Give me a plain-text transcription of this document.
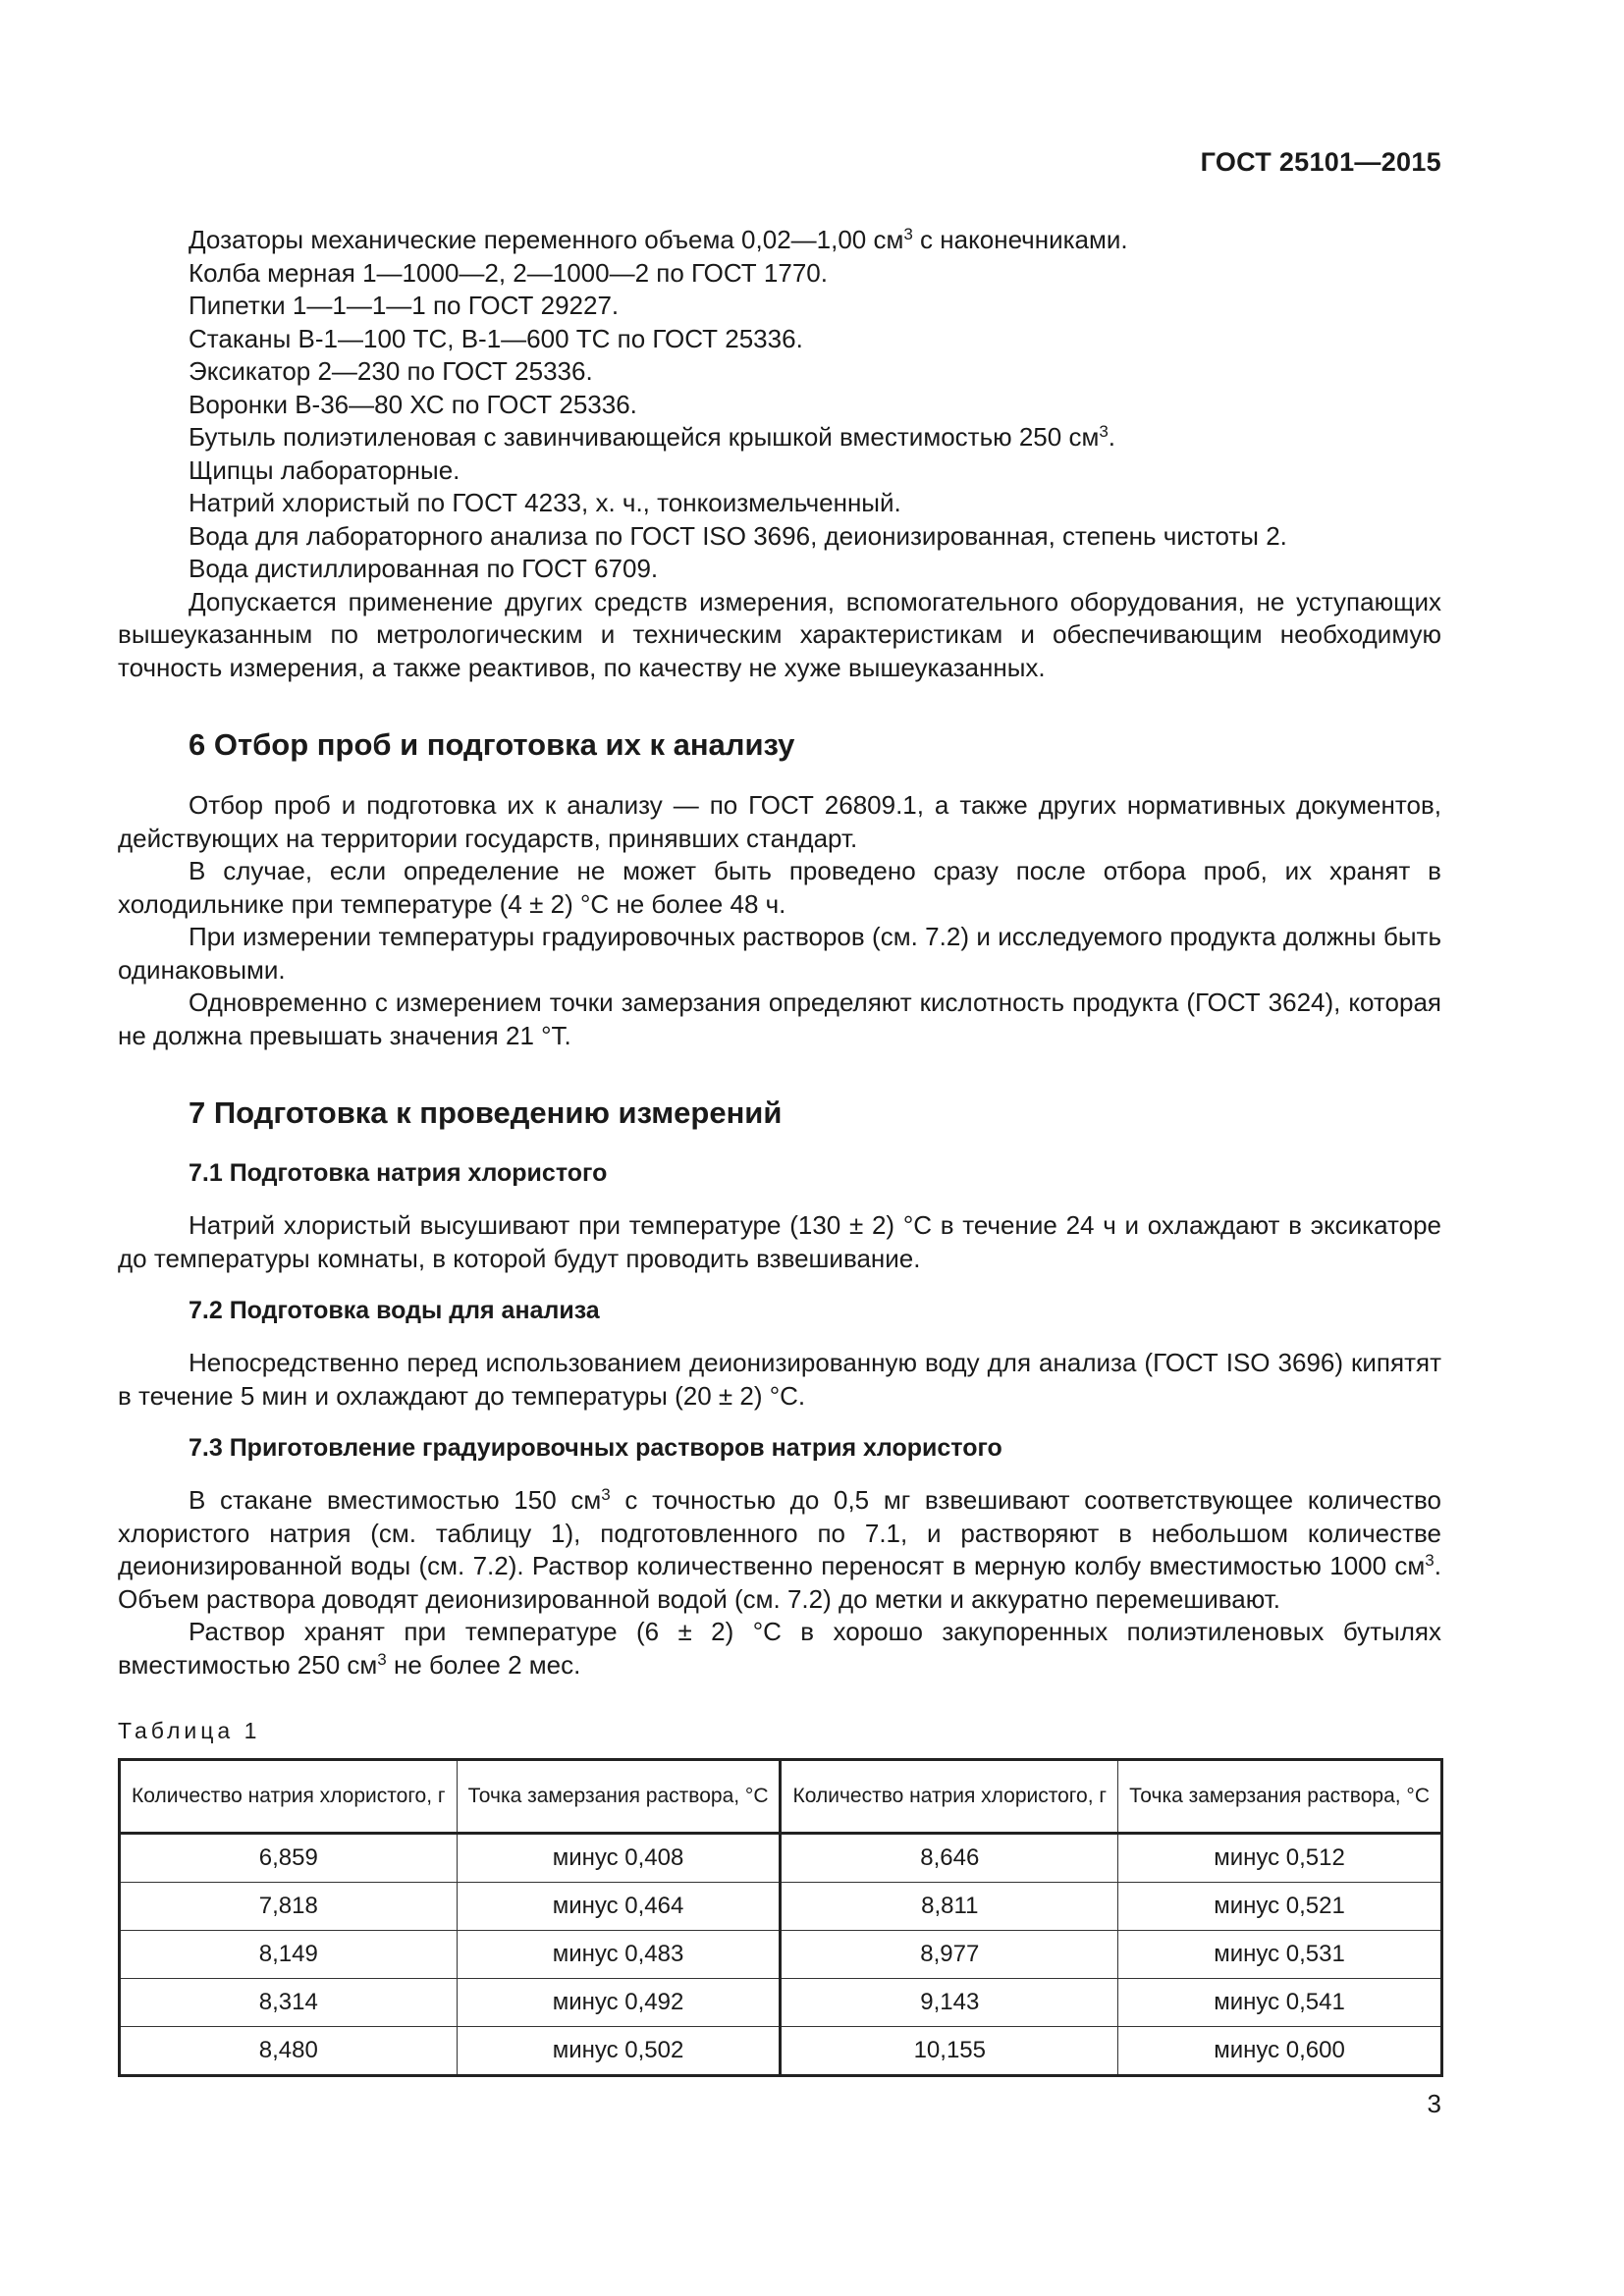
ГОСТ 25101—2015

Дозаторы механические переменного объема 0,02—1,00 $см^3$ с наконечниками.

Колба мерная 1—1000—2, 2—1000—2 по ГОСТ 1770.

Пипетки 1—1—1—1 по ГОСТ 29227.

Стаканы В-1—100 ТС, В-1—600 ТС по ГОСТ 25336.

Эксикатор 2—230 по ГОСТ 25336.

Воронки В-36—80 ХС по ГОСТ 25336.

Бутыль полиэтиленовая с завинчивающейся крышкой вместимостью 250 $см^3$.

Щипцы лабораторные.

Натрий хлористый по ГОСТ 4233, х. ч., тонкоизмельченный.

Вода для лабораторного анализа по ГОСТ ISO 3696, деионизированная, степень чистоты 2.

Вода дистиллированная по ГОСТ 6709.

Допускается применение других средств измерения, вспомогательного оборудования, не уступающих вышеуказанным по метрологическим и техническим характеристикам и обеспечивающим необходимую точность измерения, а также реактивов, по качеству не хуже вышеуказанных.

6 Отбор проб и подготовка их к анализу

Отбор проб и подготовка их к анализу — по ГОСТ 26809.1, а также других нормативных документов, действующих на территории государств, принявших стандарт.

В случае, если определение не может быть проведено сразу после отбора проб, их хранят в холодильнике при температуре (4 ± 2) °С не более 48 ч.

При измерении температуры градуировочных растворов (см. 7.2) и исследуемого продукта должны быть одинаковыми.

Одновременно с измерением точки замерзания определяют кислотность продукта (ГОСТ 3624), которая не должна превышать значения 21 °Т.

7 Подготовка к проведению измерений
7.1 Подготовка натрия хлористого

Натрий хлористый высушивают при температуре (130 ± 2) °С в течение 24 ч и охлаждают в эксикаторе до температуры комнаты, в которой будут проводить взвешивание.

7.2 Подготовка воды для анализа

Непосредственно перед использованием деионизированную воду для анализа (ГОСТ ISO 3696) кипятят в течение 5 мин и охлаждают до температуры (20 ± 2) °С.

7.3 Приготовление градуировочных растворов натрия хлористого

В стакане вместимостью 150 $см^3$ с точностью до 0,5 мг взвешивают соответствующее количество хлористого натрия (см. таблицу 1), подготовленного по 7.1, и растворяют в небольшом количестве деионизированной воды (см. 7.2). Раствор количественно переносят в мерную колбу вместимостью 1000 $см^3$. Объем раствора доводят деионизированной водой (см. 7.2) до метки и аккуратно перемешивают.

Раствор хранят при температуре (6 ± 2) °С в хорошо закупоренных полиэтиленовых бутылях вместимостью 250 $см^3$ не более 2 мес.

Таблица 1
Количество натрия хлористого, г	Точка замерзания раствора, °С	Количество натрия хлористого, г	Точка замерзания раствора, °С
6,859	минус 0,408	8,646	минус 0,512
7,818	минус 0,464	8,811	минус 0,521
8,149	минус 0,483	8,977	минус 0,531
8,314	минус 0,492	9,143	минус 0,541
8,480	минус 0,502	10,155	минус 0,600
3
